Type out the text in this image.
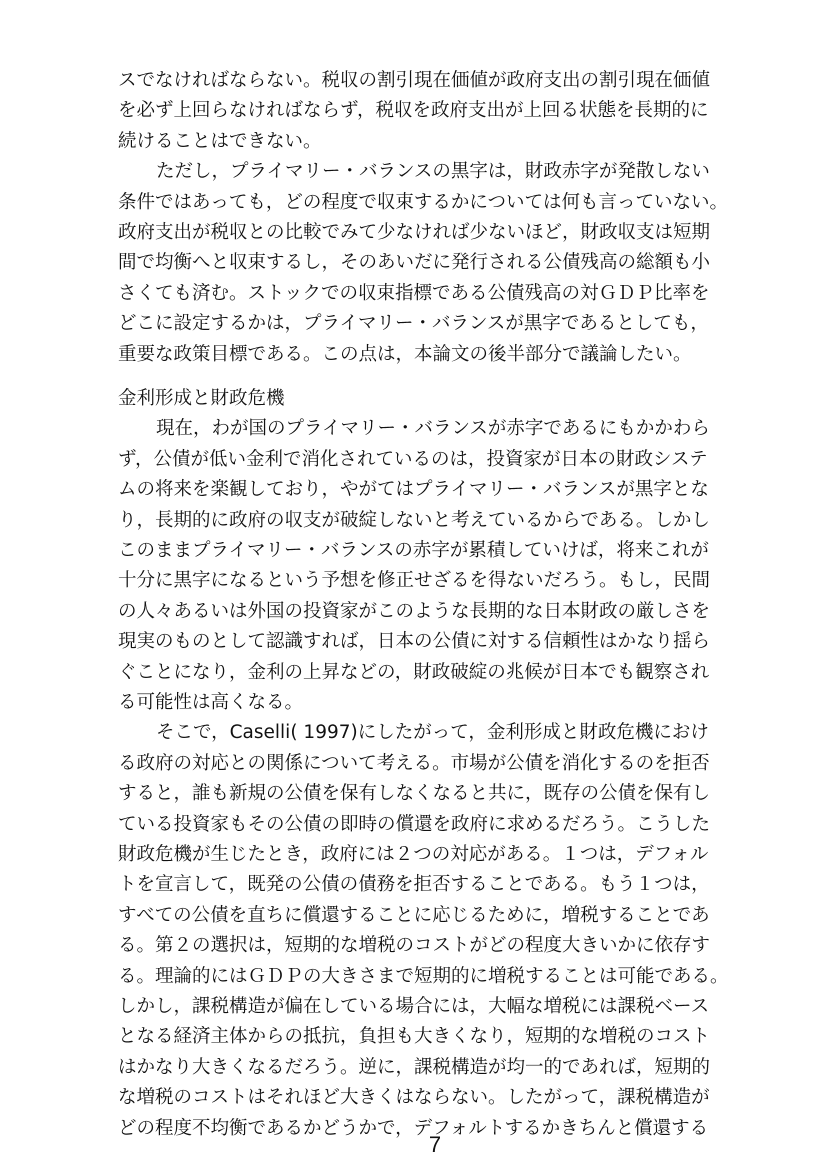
スでなければならない。税収の割引現在価値が政府支出の割引現在価値
を必ず上回らなければならず，税収を政府支出が上回る状態を長期的に
続けることはできない。
ただし，プライマリー・バランスの黒字は，財政赤字が発散しない
条件ではあっても，どの程度で収束するかについては何も言っていない。
政府支出が税収との比較でみて少なければ少ないほど，財政収支は短期
間で均衡へと収束するし，そのあいだに発行される公債残高の総額も小
さくても済む。ストックでの収束指標である公債残高の対ＧＤＰ比率を
どこに設定するかは，プライマリー・バランスが黒字であるとしても，
重要な政策目標である。この点は，本論文の後半部分で議論したい。
金利形成と財政危機
現在，わが国のプライマリー・バランスが赤字であるにもかかわら
ず，公債が低い金利で消化されているのは，投資家が日本の財政システ
ムの将来を楽観しており，やがてはプライマリー・バランスが黒字とな
り，長期的に政府の収支が破綻しないと考えているからである。しかし
このままプライマリー・バランスの赤字が累積していけば，将来これが
十分に黒字になるという予想を修正せざるを得ないだろう。もし，民間
の人々あるいは外国の投資家がこのような長期的な日本財政の厳しさを
現実のものとして認識すれば，日本の公債に対する信頼性はかなり揺ら
ぐことになり，金利の上昇などの，財政破綻の兆候が日本でも観察され
る可能性は高くなる。
そこで，Caselli( 1997)にしたがって，金利形成と財政危機におけ
る政府の対応との関係について考える。市場が公債を消化するのを拒否
すると，誰も新規の公債を保有しなくなると共に，既存の公債を保有し
ている投資家もその公債の即時の償還を政府に求めるだろう。こうした
財政危機が生じたとき，政府には２つの対応がある。１つは，デフォル
トを宣言して，既発の公債の債務を拒否することである。もう１つは，
すべての公債を直ちに償還することに応じるために，増税することであ
る。第２の選択は，短期的な増税のコストがどの程度大きいかに依存す
る。理論的にはＧＤＰの大きさまで短期的に増税することは可能である。
しかし，課税構造が偏在している場合には，大幅な増税には課税ベース
となる経済主体からの抵抗，負担も大きくなり，短期的な増税のコスト
はかなり大きくなるだろう。逆に，課税構造が均一的であれば，短期的
な増税のコストはそれほど大きくはならない。したがって，課税構造が
どの程度不均衡であるかどうかで，デフォルトするかきちんと償還する
7
